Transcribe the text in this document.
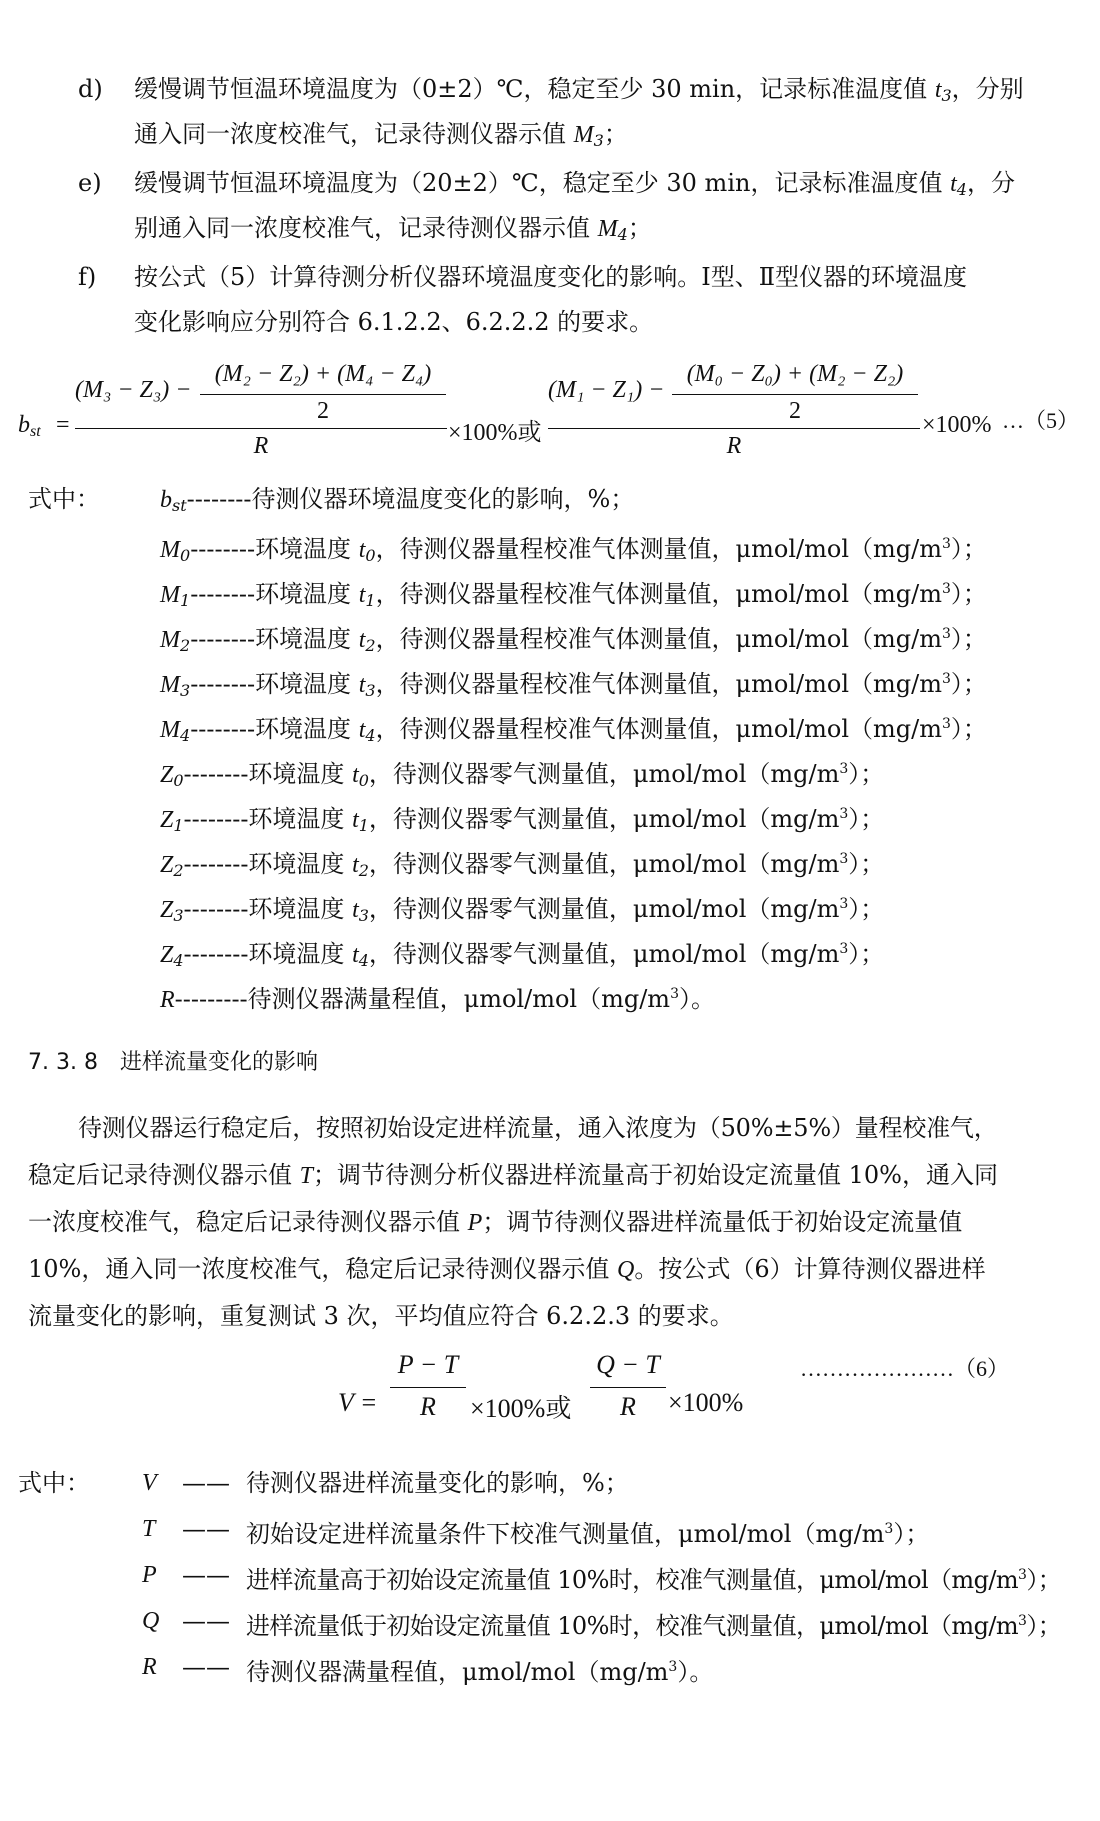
d) 缓慢调节恒温环境温度为（0±2）℃，稳定至少 30 min，记录标准温度值 $t_3$，分别
通入同一浓度校准气，记录待测仪器示值 $M_3$；
e) 缓慢调节恒温环境温度为（20±2）℃，稳定至少 30 min，记录标准温度值 $t_4$，分
别通入同一浓度校准气，记录待测仪器示值 $M_4$；
f) 按公式（5）计算待测分析仪器环境温度变化的影响。Ⅰ型、Ⅱ型仪器的环境温度
变化影响应分别符合 6.1.2.2、6.2.2.2 的要求。
$b_{st}$ =
(M₃ − Z₃) −
(M₂ − Z₂) + (M₄ − Z₄)
2
R	×100%或
(M₁ − Z₁) −
(M₀ − Z₀) + (M₂ − Z₂)
2
R
×100% …（5）
式中：	$b_{st}--------$待测仪器环境温度变化的影响，%；
$M_0--------$环境温度 $t_0$，待测仪器量程校准气体测量值，μmol/$mol(mg/m^3)$；
$M_1--------$环境温度 $t_1$，待测仪器量程校准气体测量值，μmol/$mol(mg/m^3)$；
$M_2--------$环境温度 $t_2$，待测仪器量程校准气体测量值，μmol/$mol(mg/m^3)$；
$M_3--------$环境温度 $t_3$，待测仪器量程校准气体测量值，μmol/$mol(mg/m^3)$；
$M_4--------$环境温度 $t_4$，待测仪器量程校准气体测量值，μmol/$mol(mg/m^3)$；
$Z_0--------$环境温度 $t_0$，待测仪器零气测量值，μmol/$mol(mg/m^3)$；
$Z_1--------$环境温度 $t_1$，待测仪器零气测量值，μmol/$mol(mg/m^3)$；
$Z_2--------$环境温度 $t_2$，待测仪器零气测量值，μmol/$mol(mg/m^3)$；
$Z_3--------$环境温度 $t_3$，待测仪器零气测量值，μmol/$mol(mg/m^3)$；
$Z_4--------$环境温度 $t_4$，待测仪器零气测量值，μmol/$mol(mg/m^3)$；
R---------待测仪器满量程值，μmol/$mol(mg/m^3)$。
7. 3. 8 进样流量变化的影响
待测仪器运行稳定后，按照初始设定进样流量，通入浓度为（50%±5%）量程校准气，
稳定后记录待测仪器示值 T；调节待测分析仪器进样流量高于初始设定流量值 10%，通入同
一浓度校准气，稳定后记录待测仪器示值 P；调节待测仪器进样流量低于初始设定流量值
10%，通入同一浓度校准气，稳定后记录待测仪器示值 Q。按公式（6）计算待测仪器进样
流量变化的影响，重复测试 3 次，平均值应符合 6.2.2.3 的要求。
V =
P − T
R	×100%或
Q − T
R	×100%
…………………（6）
式中： V —— 待测仪器进样流量变化的影响，%；
T —— 初始设定进样流量条件下校准气测量值，μmol/$mol(mg/m^3)$；
P —— 进样流量高于初始设定流量值 10%时，校准气测量值，μmol/$mol(mg/m^3)$；
Q —— 进样流量低于初始设定流量值 10%时，校准气测量值，μmol/$mol(mg/m^3)$；
R —— 待测仪器满量程值，μmol/$mol(mg/m^3)$。
